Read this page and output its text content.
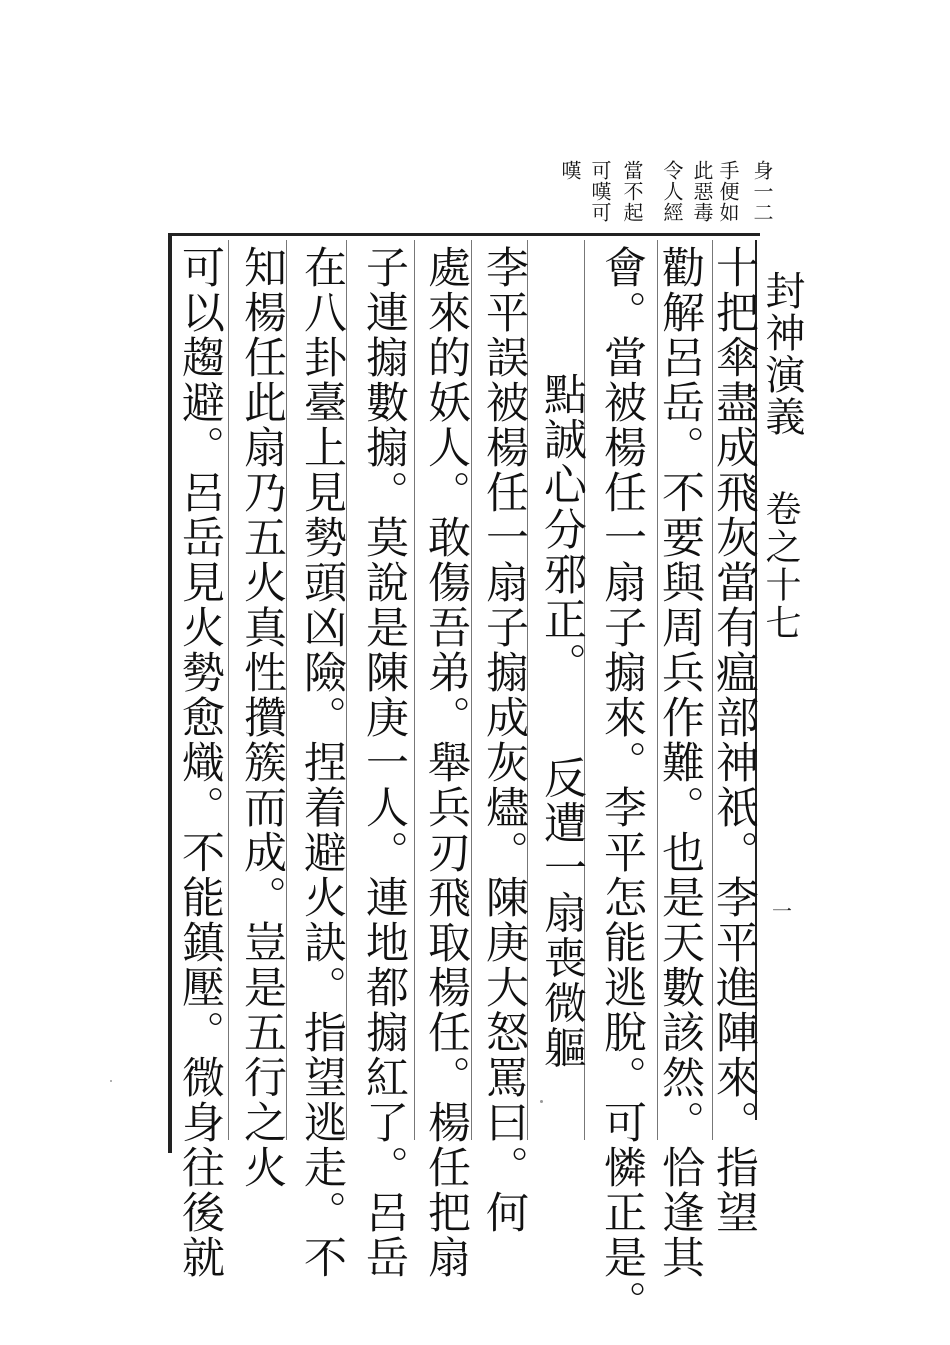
封神演義
卷之十七
一
身一二
手便如
此惡毒
令人經
當不起
可嘆可
嘆
十把傘盡成飛灰當有瘟部神祇。李平進陣來。指望
勸解呂岳。不要與周兵作難。也是天數該然。恰逢其
會。當被楊任一扇子搧來。李平怎能逃脫。可憐正是。
點誠心分邪正。　　反遭一扇喪微軀
李平誤被楊任一扇子搧成灰燼。陳庚大怒罵曰。何
處來的妖人。敢傷吾弟。舉兵刃飛取楊任。楊任把扇
子連搧數搧。莫說是陳庚一人。連地都搧紅了。呂岳
在八卦臺上見勢頭凶險。捏着避火訣。指望逃走。不
知楊任此扇乃五火真性攢簇而成。豈是五行之火
可以趨避。呂岳見火勢愈熾。不能鎮壓。微身往後就
